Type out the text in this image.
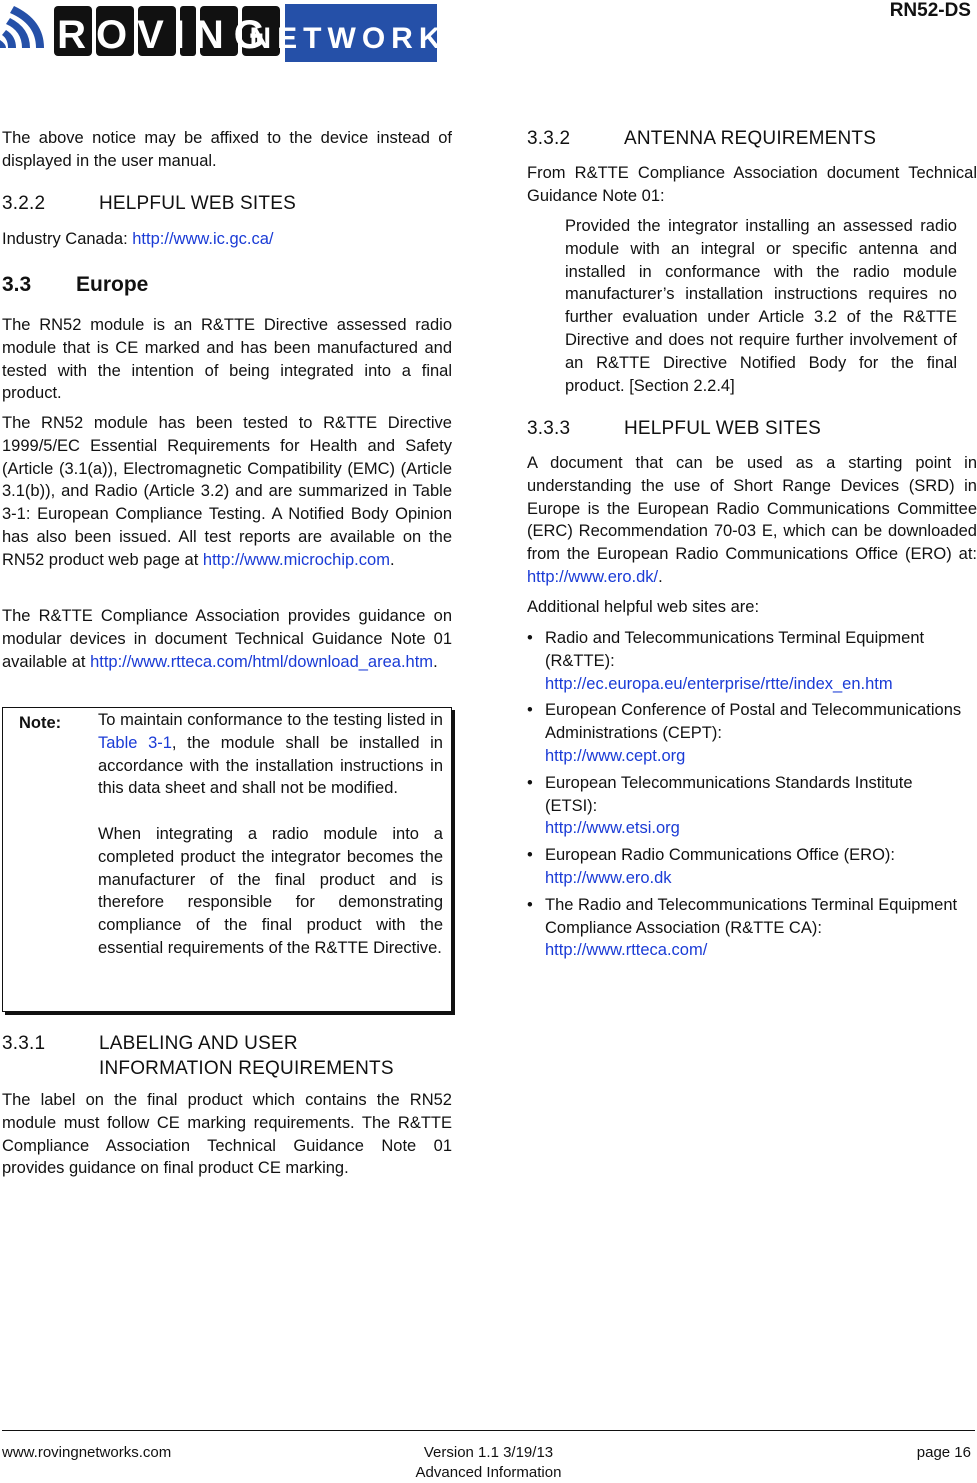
ROVING
NETWORKS
RN52-DS

The above notice may be affixed to the device instead of displayed in the user manual.

3.2.2	HELPFUL WEB SITES

Industry Canada: http://www.ic.gc.ca/

3.3 Europe

The RN52 module is an R&TTE Directive assessed radio module that is CE marked and has been manufactured and tested with the intention of being integrated into a final product.

The RN52 module has been tested to R&TTE Directive 1999/5/EC Essential Requirements for Health and Safety (Article (3.1(a)), Electromagnetic Compatibility (EMC) (Article 3.1(b)), and Radio (Article 3.2) and are summarized in Table 3-1: European Compliance Testing. A Notified Body Opinion has also been issued. All test reports are available on the RN52 product web page at http://www.microchip.com.

The R&TTE Compliance Association provides guidance on modular devices in document Technical Guidance Note 01 available at http://www.rtteca.com/html/download_area.htm.

Note: To maintain conformance to the testing listed in Table 3-1, the module shall be installed in accordance with the installation instructions in this data sheet and shall not be modified.

When integrating a radio module into a completed product the integrator becomes the manufacturer of the final product and is therefore responsible for demonstrating compliance of the final product with the essential requirements of the R&TTE Directive.

3.3.1	LABELING AND USER
INFORMATION REQUIREMENTS

The label on the final product which contains the RN52 module must follow CE marking requirements. The R&TTE Compliance Association Technical Guidance Note 01 provides guidance on final product CE marking.

3.3.2	ANTENNA REQUIREMENTS

From R&TTE Compliance Association document Technical Guidance Note 01:

Provided the integrator installing an assessed radio module with an integral or specific antenna and installed in conformance with the radio module manufacturer’s installation instructions requires no further evaluation under Article 3.2 of the R&TTE Directive and does not require further involvement of an R&TTE Directive Notified Body for the final product. [Section 2.2.4]

3.3.3	HELPFUL WEB SITES

A document that can be used as a starting point in understanding the use of Short Range Devices (SRD) in Europe is the European Radio Communications Committee (ERC) Recommendation 70-03 E, which can be downloaded from the European Radio Communications Office (ERO) at: http://www.ero.dk/.

Additional helpful web sites are:

• Radio and Telecommunications Terminal Equipment (R&TTE):
http://ec.europa.eu/enterprise/rtte/index_en.htm
• European Conference of Postal and Telecommunications Administrations (CEPT):
http://www.cept.org
• European Telecommunications Standards Institute (ETSI):
http://www.etsi.org
• European Radio Communications Office (ERO):
http://www.ero.dk
• The Radio and Telecommunications Terminal Equipment Compliance Association (R&TTE CA):
http://www.rtteca.com/
www.rovingnetworks.com	Version 1.1 3/19/13
Advanced Information
page 16
